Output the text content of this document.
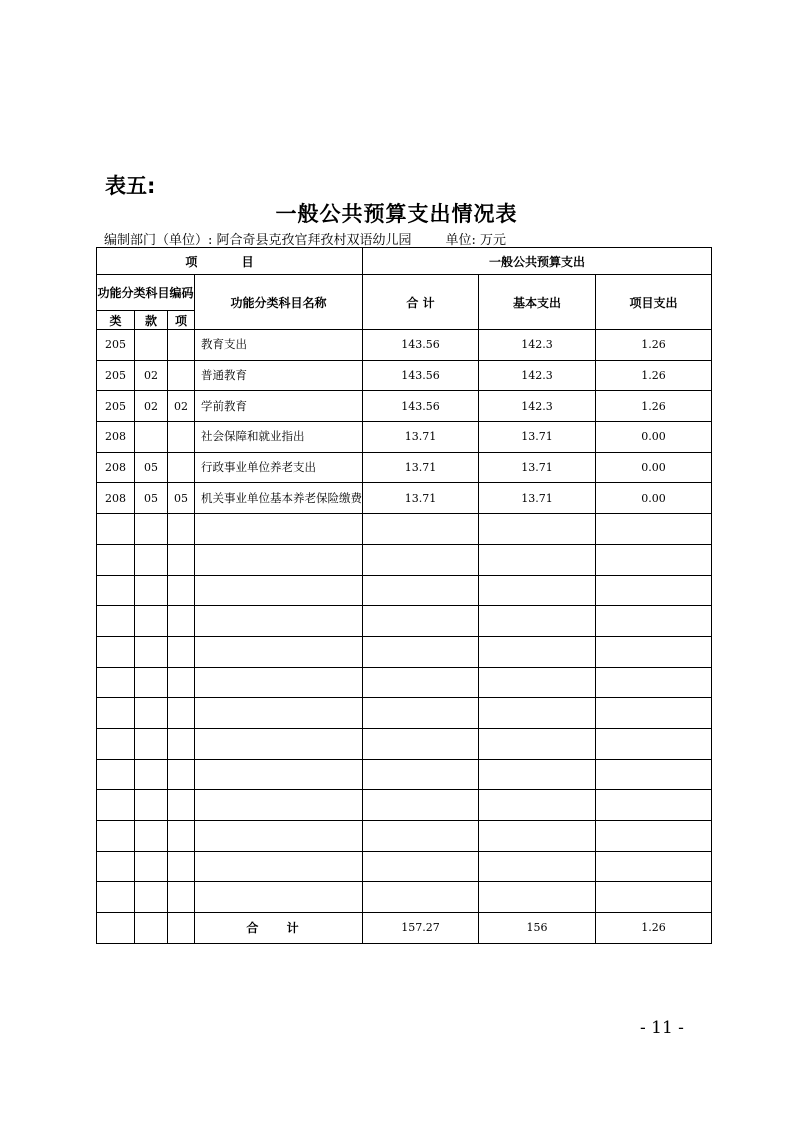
表五:
一般公共预算支出情况表
编制部门（单位）: 阿合奇县克孜官拜孜村双语幼儿园	单位: 万元
项 目				一般公共预算支出		
功能分类科目编码			功能分类科目名称	合 计	基本支出	项目支出
类	款	项				
205			教育支出	143.56	142.3	1.26
205	02		普通教育	143.56	142.3	1.26
205	02	02	学前教育	143.56	142.3	1.26
208			社会保障和就业指出	13.71	13.71	0.00
208	05		行政事业单位养老支出	13.71	13.71	0.00
208	05	05	机关事业单位基本养老保险缴费	13.71	13.71	0.00

			合 计	157.27	156	1.26
- 11 -
